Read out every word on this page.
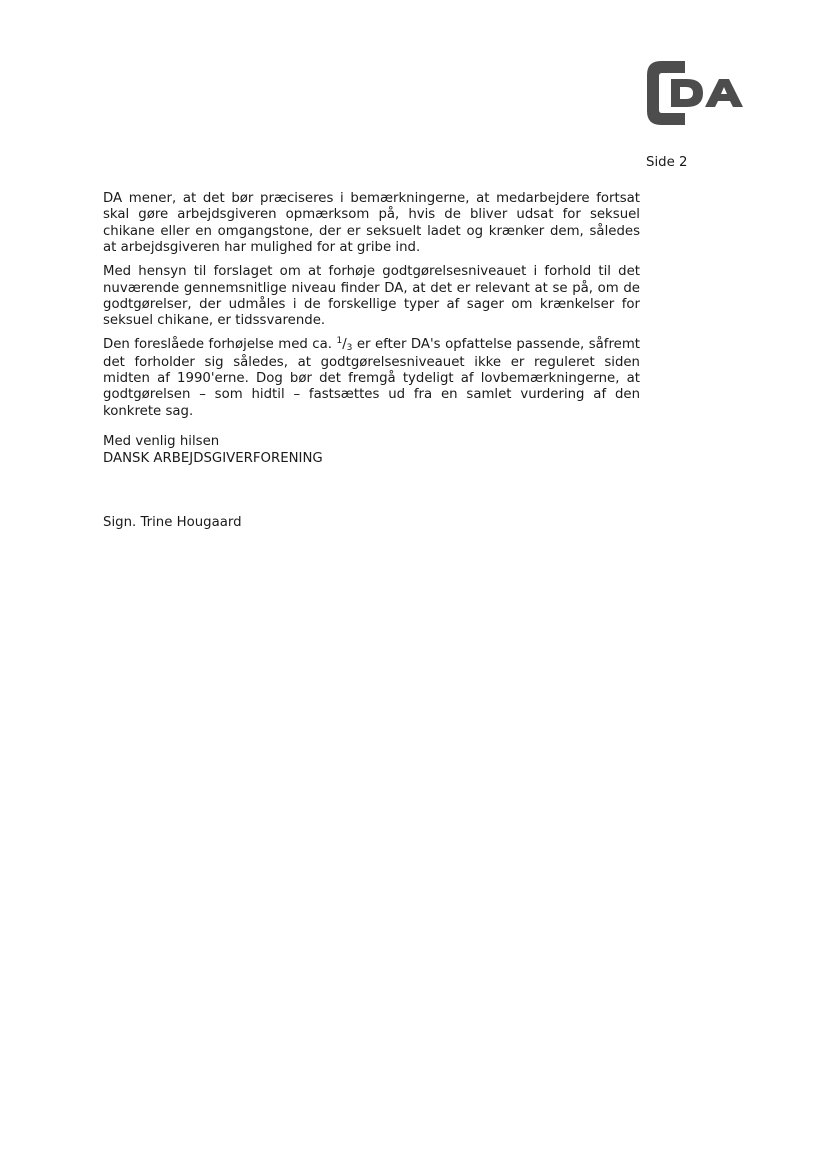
Side 2

DA mener, at det bør præciseres i bemærkningerne, at medarbejdere fortsat skal gøre arbejdsgiveren opmærksom på, hvis de bliver udsat for seksuel chikane eller en omgangstone, der er seksuelt ladet og krænker dem, således at arbejdsgiveren har mulighed for at gribe ind.

Med hensyn til forslaget om at forhøje godtgørelsesniveauet i forhold til det nuværende gennemsnitlige niveau finder DA, at det er relevant at se på, om de godtgørelser, der udmåles i de forskellige typer af sager om krænkelser for seksuel chikane, er tidssvarende.

Den foreslåede forhøjelse med ca. $^1$/3 er efter DA's opfattelse passende, såfremt det forholder sig således, at godtgørelsesniveauet ikke er reguleret siden midten af 1990'erne. Dog bør det fremgå tydeligt af lovbemærkningerne, at godtgørelsen – som hidtil – fastsættes ud fra en samlet vurdering af den konkrete sag.

Med venlig hilsen
DANSK ARBEJDSGIVERFORENING
Sign. Trine Hougaard
